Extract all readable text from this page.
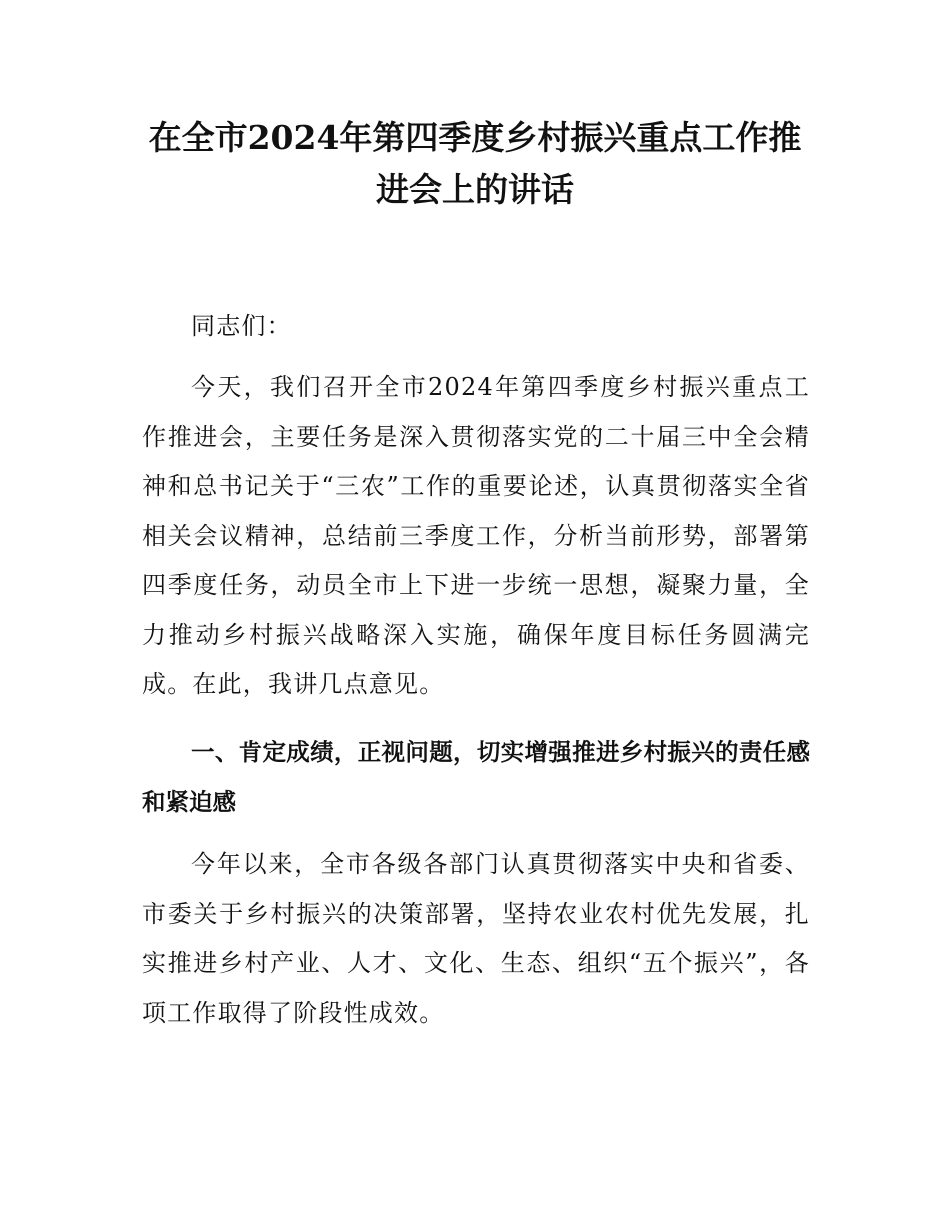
在全市2024年第四季度乡村振兴重点工作推进会上的讲话

同志们：

今天，我们召开全市2024年第四季度乡村振兴重点工作推进会，主要任务是深入贯彻落实党的二十届三中全会精神和总书记关于“三农”工作的重要论述，认真贯彻落实全省相关会议精神，总结前三季度工作，分析当前形势，部署第四季度任务，动员全市上下进一步统一思想，凝聚力量，全力推动乡村振兴战略深入实施，确保年度目标任务圆满完成。在此，我讲几点意见。

一、肯定成绩，正视问题，切实增强推进乡村振兴的责任感和紧迫感

今年以来，全市各级各部门认真贯彻落实中央和省委、市委关于乡村振兴的决策部署，坚持农业农村优先发展，扎实推进乡村产业、人才、文化、生态、组织“五个振兴”，各项工作取得了阶段性成效。
